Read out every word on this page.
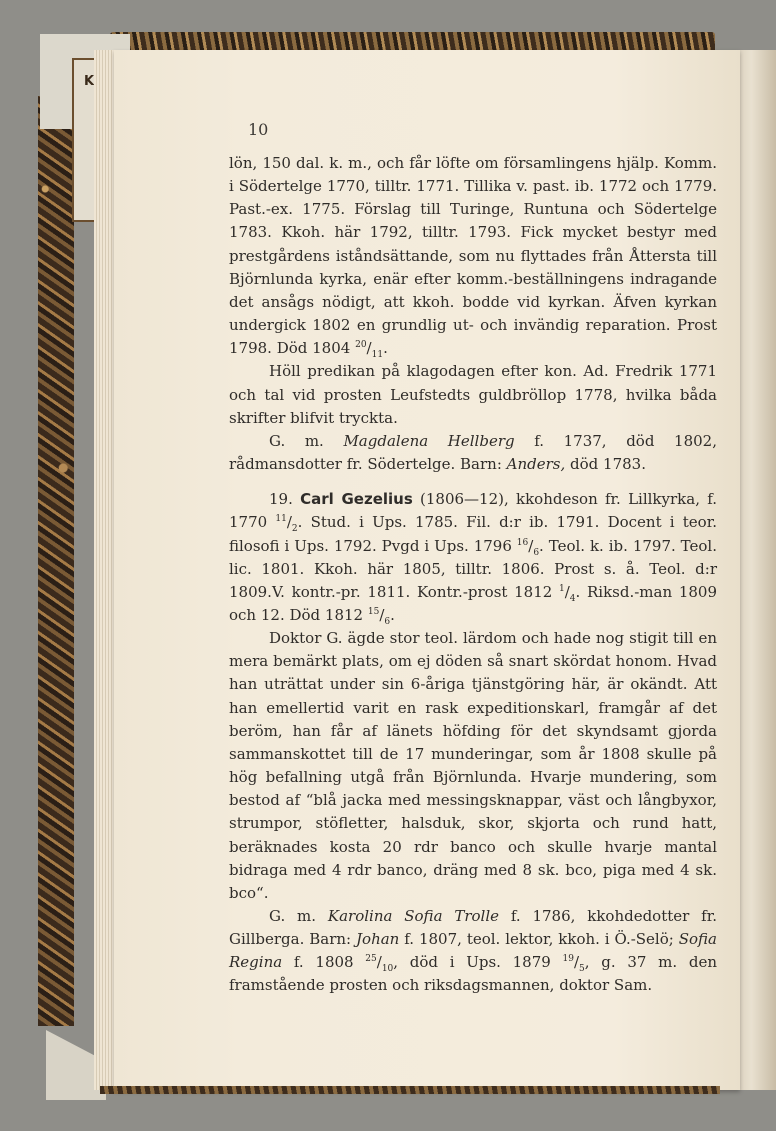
K
10

lön, 150 dal. k. m., och får löfte om församlingens hjälp. Komm. i Södertelge 1770, tilltr. 1771. Tillika v. past. ib. 1772 och 1779. Past.-ex. 1775. Förslag till Turinge, Runtuna och Södertelge 1783. Kkoh. här 1792, tilltr. 1793. Fick mycket bestyr med prestgårdens iståndsättande, som nu flyttades från Åttersta till Björnlunda kyrka, enär efter komm.-beställningens indragande det ansågs nödigt, att kkoh. bodde vid kyrkan. Äfven kyrkan undergick 1802 en grundlig ut- och invändig reparation. Prost 1798. Död 1804 $^{20}/_{11}$.

Höll predikan på klagodagen efter kon. Ad. Fredrik 1771 och tal vid prosten Leufstedts guldbröllop 1778, hvilka båda skrifter blifvit tryckta.

G. m. Magdalena Hellberg f. 1737, död 1802, rådmansdotter fr. Södertelge. Barn: Anders, död 1783.

19. Carl Gezelius (1806—12), kkohdeson fr. Lillkyrka, f. 1770 $^{11}/_2$. Stud. i Ups. 1785. Fil. d:r ib. 1791. Docent i teor. filosofi i Ups. 1792. Pvgd i Ups. 1796 $^{16}/_6$. Teol. k. ib. 1797. Teol. lic. 1801. Kkoh. här 1805, tilltr. 1806. Prost s. å. Teol. d:r 1809.V. kontr.-pr. 1811. Kontr.-prost 1812 $^1/_4$. Riksd.-man 1809 och 12. Död 1812 $^{15}/_6$.

Doktor G. ägde stor teol. lärdom och hade nog stigit till en mera bemärkt plats, om ej döden så snart skördat honom. Hvad han uträttat under sin 6-åriga tjänstgöring här, är okändt. Att han emellertid varit en rask expeditionskarl, framgår af det beröm, han får af länets höfding för det skyndsamt gjorda sammanskottet till de 17 munderingar, som år 1808 skulle på hög befallning utgå från Björnlunda. Hvarje mundering, som bestod af “blå jacka med messingsknappar, väst och långbyxor, strumpor, stöfletter, halsduk, skor, skjorta och rund hatt, beräknades kosta 20 rdr banco och skulle hvarje mantal bidraga med 4 rdr banco, dräng med 8 sk. bco, piga med 4 sk. bco“.

G. m. Karolina Sofia Trolle f. 1786, kkohdedotter fr. Gillberga. Barn: Johan f. 1807, teol. lektor, kkoh. i Ö.-Selö; Sofia Regina f. 1808 $^{25}/_{10}$, död i Ups. 1879 $^{19}/_5$, g. 37 m. den framstående prosten och riksdagsmannen, doktor Sam.
